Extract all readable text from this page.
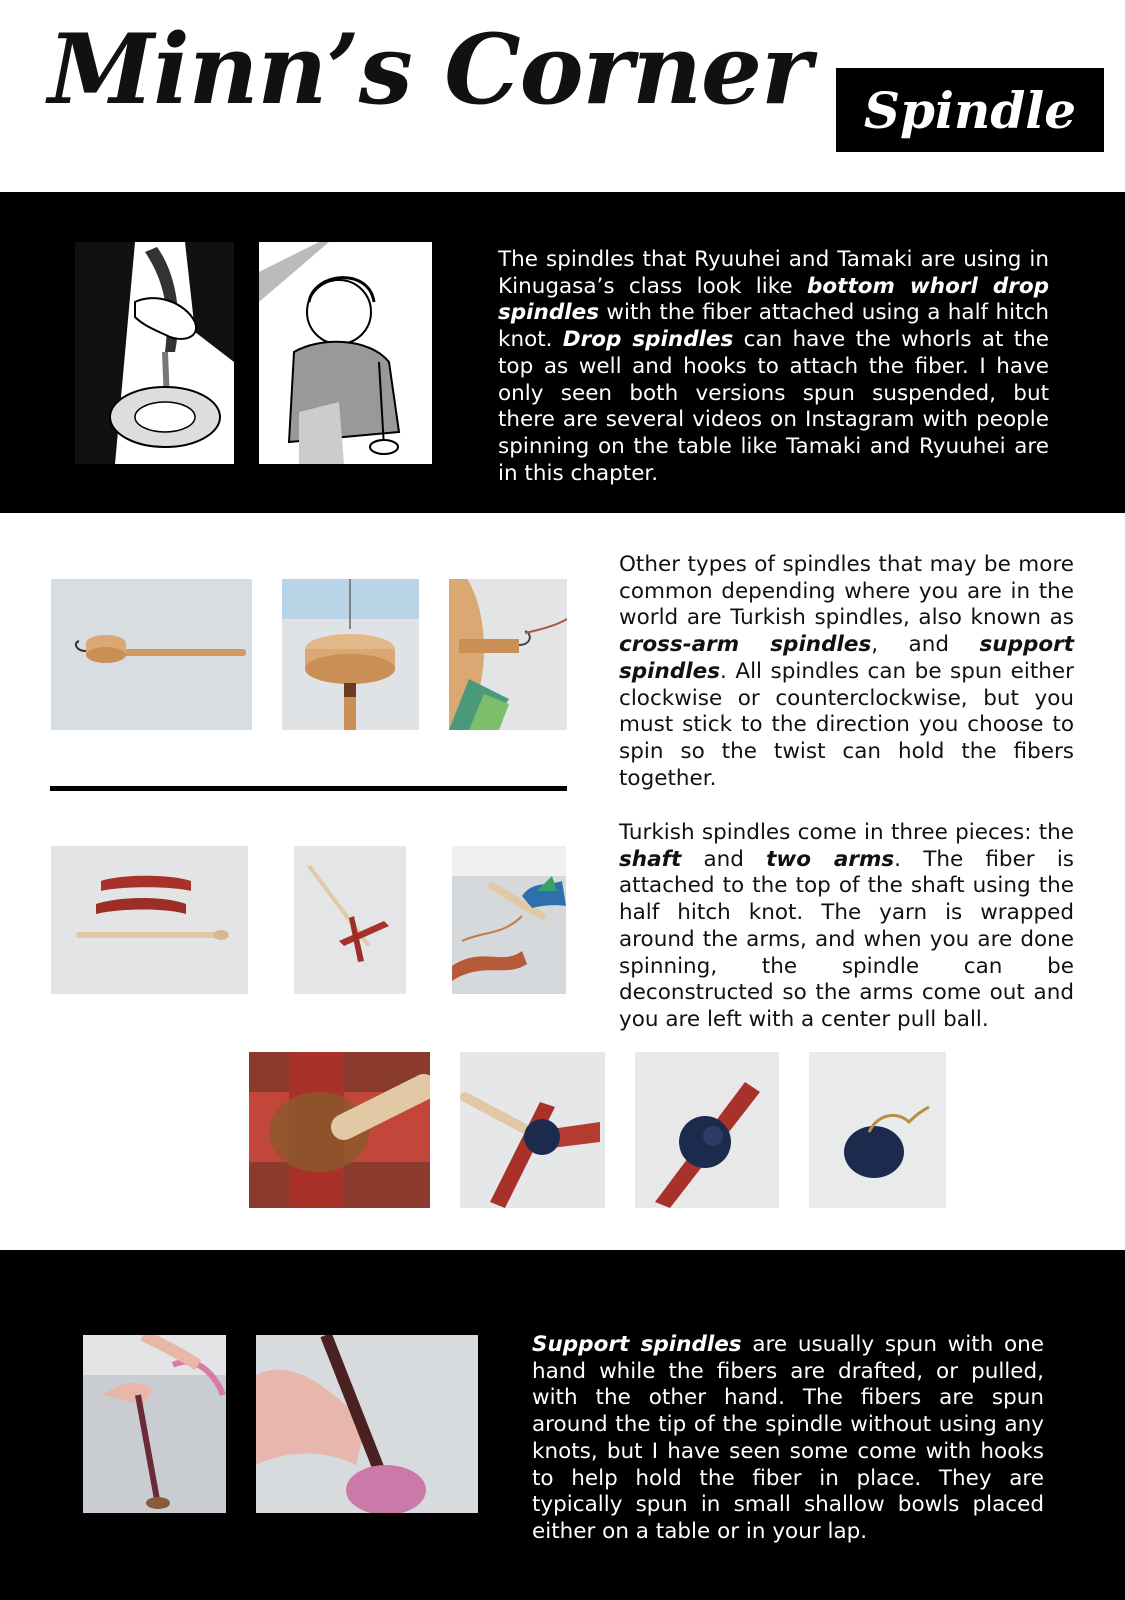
Minn’s Corner	Spindle
The spindles that Ryuuhei and Tamaki are using in Kinugasa’s class look like bottom whorl drop spindles with the fiber attached using a half hitch knot. Drop spindles can have the whorls at the top as well and hooks to attach the fiber. I have only seen both versions spun suspended, but there are several videos on Instagram with people spinning on the table like Tamaki and Ryuuhei are in this chapter.
Other types of spindles that may be more common depending where you are in the world are Turkish spindles, also known as cross-arm spindles, and support spindles. All spindles can be spun either clockwise or counterclockwise, but you must stick to the direction you choose to spin so the twist can hold the fibers together.
Turkish spindles come in three pieces: the shaft and two arms. The fiber is attached to the top of the shaft using the half hitch knot. The yarn is wrapped around the arms, and when you are done spinning, the spindle can be deconstructed so the arms come out and you are left with a center pull ball.
Support spindles are usually spun with one hand while the fibers are drafted, or pulled, with the other hand. The fibers are spun around the tip of the spindle without using any knots, but I have seen some come with hooks to help hold the fiber in place. They are typically spun in small shallow bowls placed either on a table or in your lap.
